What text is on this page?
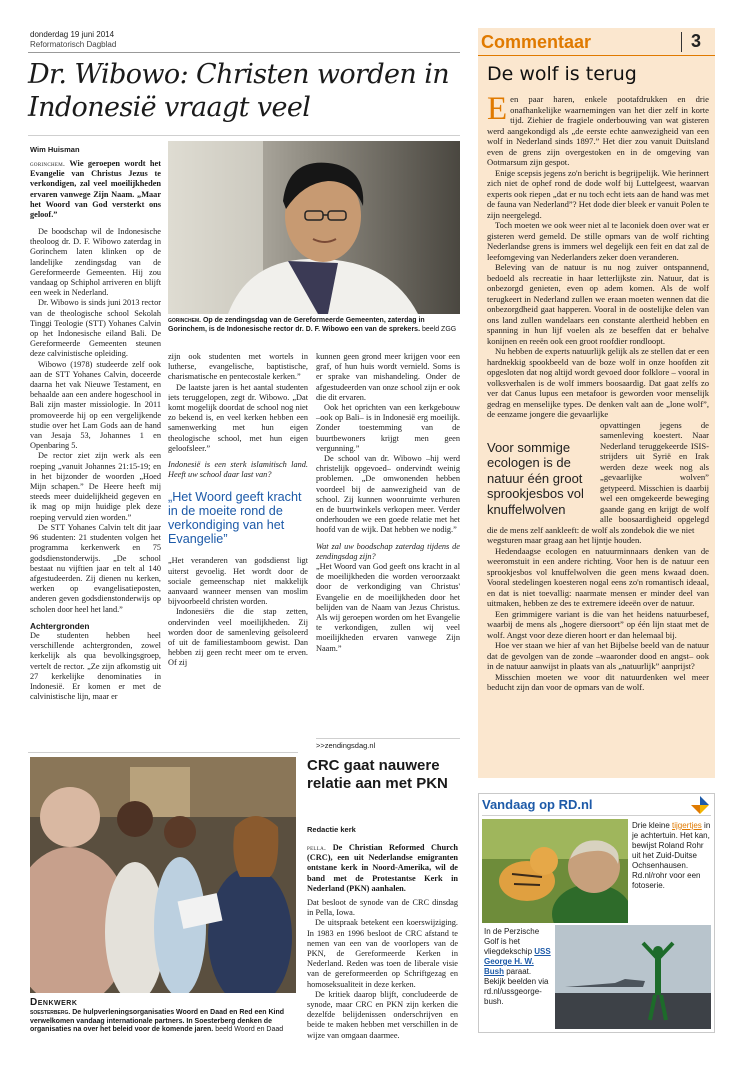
donderdag 19 juni 2014
Reformatorisch Dagblad
Dr. Wibowo: Christen worden in Indonesië vraagt veel
Wim Huisman
gorinchem. Wie geroepen wordt het Evangelie van Christus Jezus te verkondigen, zal veel moeilijkheden ervaren vanwege Zijn Naam. „Maar het Woord van God versterkt ons geloof.”
gorinchem. Op de zendingsdag van de Gereformeerde Gemeenten, zaterdag in Gorinchem, is de Indonesische rector dr. D. F. Wibowo een van de sprekers. beeld ZGG

De boodschap wil de Indonesische theoloog dr. D. F. Wibowo zaterdag in Gorinchem laten klinken op de landelijke zendingsdag van de Gereformeerde Gemeenten. Hij zou vandaag op Schiphol arriveren en blijft een week in Nederland.

Dr. Wibowo is sinds juni 2013 rector van de theologische school Sekolah Tinggi Teologie (STT) Yohanes Calvin op het Indonesische eiland Bali. De Gereformeerde Gemeenten steunen deze calvinistische opleiding.

Wibowo (1978) studeerde zelf ook aan de STT Yohanes Calvin, doceerde daarna het vak Nieuwe Testament, en behaalde aan een andere hogeschool in Bali zijn master missiologie. In 2011 promoveerde hij op een vergelijkende studie over het Lam Gods aan de hand van Jesaja 53, Johannes 1 en Openbaring 5.

De rector ziet zijn werk als een roeping „vanuit Johannes 21:15-19; en in het bijzonder de woorden „Hoed Mijn schapen.” De Heere heeft mij steeds meer duidelijkheid gegeven en ik mag op mijn huidige plek deze roeping vervuld zien worden.”

De STT Yohanes Calvin telt dit jaar 96 studenten: 21 studenten volgen het programma kerkenwerk en 75 godsdienstonderwijs. „De school bestaat nu vijftien jaar en telt al 140 afgestudeerden. Zij dienen nu kerken, werken op evangelisatieposten, anderen geven godsdienstonderwijs op scholen door heel het land.”

Achtergronden

De studenten hebben heel verschillende achtergronden, zowel kerkelijk als qua bevolkingsgroep, vertelt de rector. „Ze zijn afkomstig uit 27 kerkelijke denominaties in Indonesië. Er komen er met de calvinistische lijn, maar er

zijn ook studenten met wortels in lutherse, evangelische, baptistische, charismatische en pentecostale kerken.”

De laatste jaren is het aantal studenten iets teruggelopen, zegt dr. Wibowo. „Dat komt mogelijk doordat de school nog niet zo bekend is, en veel kerken hebben een samenwerking met hun eigen theologische school, met hun eigen geloofsleer.”

Indonesië is een sterk islamitisch land. Heeft uw school daar last van?

„Het Woord geeft kracht in de moeite rond de verkondiging van het Evangelie”

„Het veranderen van godsdienst ligt uiterst gevoelig. Het wordt door de sociale gemeenschap niet makkelijk aanvaard wanneer mensen van moslim bijvoorbeeld christen worden.

Indonesiërs die die stap zetten, ondervinden veel moeilijkheden. Zij worden door de samenleving geïsoleerd of uit de familiestamboom gewist. Dan hebben zij geen recht meer om te erven. Of zij

kunnen geen grond meer krijgen voor een graf, of hun huis wordt vernield. Soms is er sprake van mishandeling. Onder de afgestudeerden van onze school zijn er ook die dit ervaren.

Ook het oprichten van een kerkgebouw –ook op Bali– is in Indonesië erg moeilijk. Zonder toestemming van de buurtbewoners krijgt men geen vergunning.”

De school van dr. Wibowo –hij werd christelijk opgevoed– ondervindt weinig problemen. „De omwonenden hebben voordeel bij de aanwezigheid van de school. Zij kunnen woonruimte verhuren en de buurtwinkels verkopen meer. Verder onderhouden we een goede relatie met het hoofd van de wijk. Dat hebben we nodig.”

Wat zal uw boodschap zaterdag tijdens de zendingsdag zijn?

„Het Woord van God geeft ons kracht in al de moeilijkheden die worden veroorzaakt door de verkondiging van Christus' Evangelie en de moeilijkheden door het belijden van de Naam van Jezus Christus. Als wij geroepen worden om het Evangelie te verkondigen, zullen wij veel moeilijkheden ervaren vanwege Zijn Naam.”

>>zendingsdag.nl
Denkwerk
soesterberg. De hulpverleningsorganisaties Woord en Daad en Red een Kind verwelkomen vandaag internationale partners. In Soesterberg denken de organisaties na over het beleid voor de komende jaren. beeld Woord en Daad
CRC gaat nauwere relatie aan met PKN
Redactie kerk

pella. De Christian Reformed Church (CRC), een uit Nederlandse emigranten ontstane kerk in Noord-Amerika, wil de band met de Protestantse Kerk in Nederland (PKN) aanhalen.

Dat besloot de synode van de CRC dinsdag in Pella, Iowa.

De uitspraak betekent een koerswijziging. In 1983 en 1996 besloot de CRC afstand te nemen van een van de voorlopers van de PKN, de Gereformeerde Kerken in Nederland. Reden was toen de liberale visie van de gereformeerden op Schriftgezag en homoseksualiteit in deze kerken.

De kritiek daarop blijft, concludeerde de synode, maar CRC en PKN zijn kerken die dezelfde belijdenissen onderschrijven en beide te maken hebben met verschillen in de wijze van omgaan daarmee.

Commentaar	3
De wolf is terug

E en paar haren, enkele pootafdrukken en drie onafhankelijke waarnemingen van het dier zelf in korte tijd. Ziehier de fragiele onderbouwing van wat gisteren werd aangekondigd als „de eerste echte aanwezigheid van een wolf in Nederland sinds 1897.” Het dier zou vanuit Duitsland even de grens zijn overgestoken en in de omgeving van Ootmarsum zijn gespot.

Enige scepsis jegens zo'n bericht is begrijpelijk. Wie herinnert zich niet de ophef rond de dode wolf bij Luttelgeest, waarvan experts ook riepen „dat er nu toch echt iets aan de hand was met de fauna van Nederland”? Het dode dier bleek er vanuit Polen te zijn neergelegd.

Toch moeten we ook weer niet al te laconiek doen over wat er gisteren werd gemeld. De stille opmars van de wolf richting Nederlandse grens is immers wel degelijk een feit en dat zal de leefomgeving van Nederlanders zeker doen veranderen.

Beleving van de natuur is nu nog zuiver ontspannend, bedoeld als recreatie in haar letterlijkste zin. Natuur, dat is onbezorgd genieten, even op adem komen. Als de wolf terugkeert in Nederland zullen we eraan moeten wennen dat die onbezorgdheid gaat happeren. Vooral in de oostelijke delen van ons land zullen wandelaars een constante alertheid hebben en spanning in hun lijf voelen als ze beseffen dat er behalve konijnen en reeën ook een groot roofdier rondloopt.

Nu hebben de experts natuurlijk gelijk als ze stellen dat er een hardnekkig spookbeeld van de boze wolf in onze hoofden zit opgesloten dat nog altijd wordt gevoed door folklore – vooral in volksverhalen is de wolf immers boosaardig. Dat gaat zelfs zo ver dat Canus lupus een metafoor is geworden voor menselijk gedrag en menselijke types. De denken valt aan de „lone wolf”, de eenzame jongere die gevaarlijke

Voor sommige ecologen is de natuur één groot sprookjesbos vol knuffelwolven

opvattingen jegens de samenleving koestert. Naar Nederland teruggekeerde ISIS-strijders uit Syrië en Irak werden deze week nog als „gevaarlijke wolven” getypeerd. Misschien is daarbij wel een omgekeerde beweging gaande gang en krijgt de wolf alle boosaardigheid opgelegd die de mens zelf aankleeft: de wolf als zondebok die we niet

wegsturen maar graag aan het lijntje houden.

Hedendaagse ecologen en natuurminnaars denken van de weeromstuit in een andere richting. Voor hen is de natuur een sprookjesbos vol knuffelwolven die geen mens kwaad doen. Vooral stedelingen koesteren nogal eens zo'n romantisch ideaal, en dat is niet toevallig: naarmate mensen er minder deel van uitmaken, hebben ze des te extremere ideeën over de natuur.

Een grimmigere variant is die van het heidens natuurbesef, waarbij de mens als „hogere diersoort” op één lijn staat met de wolf. Angst voor deze dieren hoort er dan helemaal bij.

Hoe ver staan we hier af van het Bijbelse beeld van de natuur dat de gevolgen van de zonde –waaronder dood en angst– ook in de natuur aanwijst in plaats van als „natuurlijk” aanprijst?

Misschien moeten we voor dit natuurdenken wel meer beducht zijn dan voor de opmars van de wolf.

Vandaag op RD.nl
Drie kleine tijgertjes in je achtertuin. Het kan, bewijst Roland Rohr uit het Zuid-Duitse Ochsenhausen. Rd.nl/rohr voor een fotoserie.
In de Perzische Golf is het vliegdekschip USS George H. W. Bush paraat. Bekijk beelden via rd.nl/ussgeorge-bush.
